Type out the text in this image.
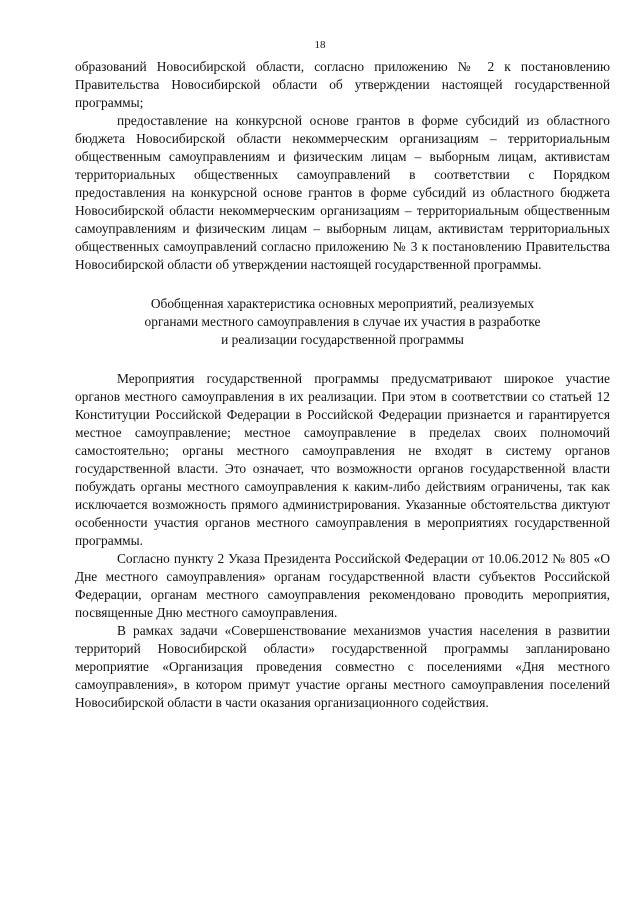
18

образований Новосибирской области, согласно приложению № 2 к постановлению Правительства Новосибирской области об утверждении настоящей государственной программы;

предоставление на конкурсной основе грантов в форме субсидий из областного бюджета Новосибирской области некоммерческим организациям – территориальным общественным самоуправлениям и физическим лицам – выборным лицам, активистам территориальных общественных самоуправлений в соответствии с Порядком предоставления на конкурсной основе грантов в форме субсидий из областного бюджета Новосибирской области некоммерческим организациям – территориальным общественным самоуправлениям и физическим лицам – выборным лицам, активистам территориальных общественных самоуправлений согласно приложению № 3 к постановлению Правительства Новосибирской области об утверждении настоящей государственной программы.

Обобщенная характеристика основных мероприятий, реализуемых
органами местного самоуправления в случае их участия в разработке
и реализации государственной программы

Мероприятия государственной программы предусматривают широкое участие органов местного самоуправления в их реализации. При этом в соответствии со статьей 12 Конституции Российской Федерации в Российской Федерации признается и гарантируется местное самоуправление; местное самоуправление в пределах своих полномочий самостоятельно; органы местного самоуправления не входят в систему органов государственной власти. Это означает, что возможности органов государственной власти побуждать органы местного самоуправления к каким-либо действиям ограничены, так как исключается возможность прямого администрирования. Указанные обстоятельства диктуют особенности участия органов местного самоуправления в мероприятиях государственной программы.

Согласно пункту 2 Указа Президента Российской Федерации от 10.06.2012 № 805 «О Дне местного самоуправления» органам государственной власти субъектов Российской Федерации, органам местного самоуправления рекомендовано проводить мероприятия, посвященные Дню местного самоуправления.

В рамках задачи «Совершенствование механизмов участия населения в развитии территорий Новосибирской области» государственной программы запланировано мероприятие «Организация проведения совместно с поселениями «Дня местного самоуправления», в котором примут участие органы местного самоуправления поселений Новосибирской области в части оказания организационного содействия.
